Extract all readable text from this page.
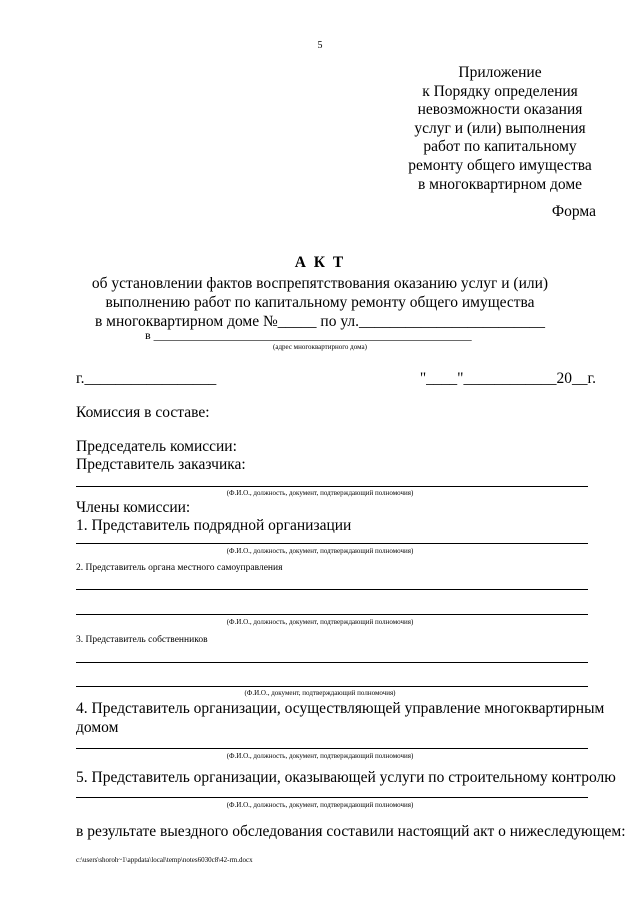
5
Приложение
к Порядку определения
невозможности оказания
услуг и (или) выполнения
работ по капитальному
ремонту общего имущества
в многоквартирном доме
Форма
А К Т
об установлении фактов воспрепятствования оказанию услуг и (или)
выполнению работ по капитальному ремонту общего имущества
в многоквартирном доме №_____ по ул.________________________
в _____________________________________________________
(адрес многоквартирного дома)
г._________________	"____"____________20__г.
Комиссия в составе:
Председатель комиссии:
Представитель заказчика:
(Ф.И.О., должность, документ, подтверждающий полномочия)
Члены комиссии:
1. Представитель подрядной организации
(Ф.И.О., должность, документ, подтверждающий полномочия)
2. Представитель органа местного самоуправления
(Ф.И.О., должность, документ, подтверждающий полномочия)
3. Представитель собственников
(Ф.И.О., документ, подтверждающий полномочия)
4. Представитель организации, осуществляющей управление многоквартирным
домом
(Ф.И.О., должность, документ, подтверждающий полномочия)
5. Представитель организации, оказывающей услуги по строительному контролю
(Ф.И.О., должность, документ, подтверждающий полномочия)
в результате выездного обследования составили настоящий акт о нижеследующем:
c:\users\shoroh~1\appdata\local\temp\notes6030c8\42-rm.docx
